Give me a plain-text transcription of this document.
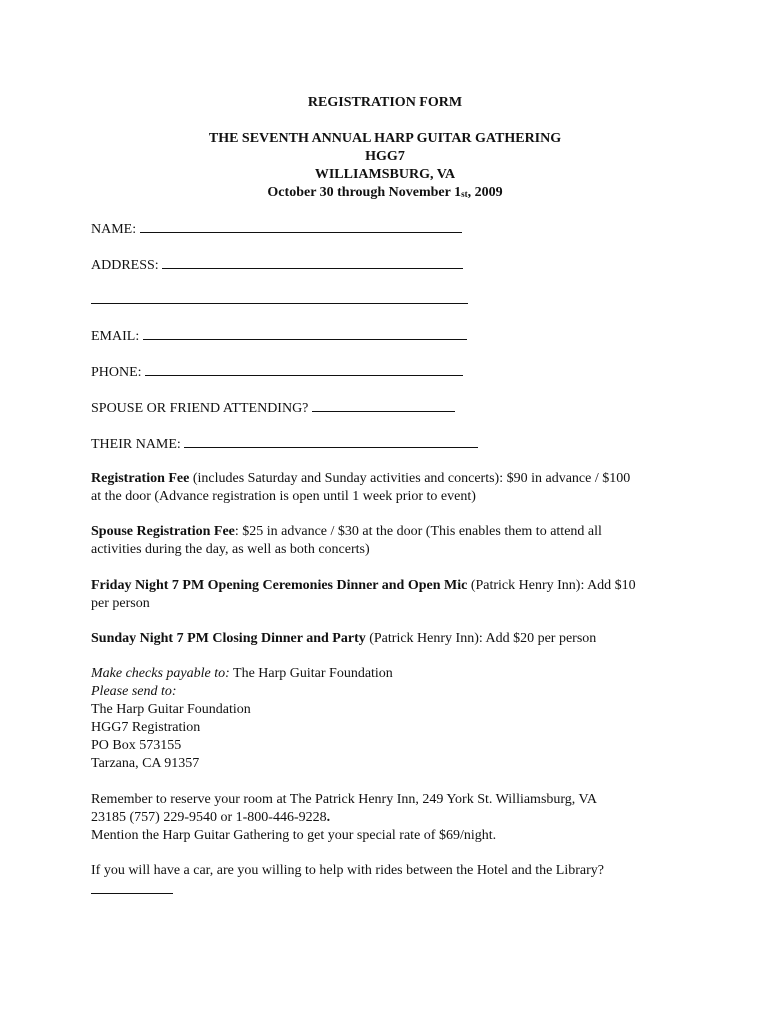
REGISTRATION FORM
THE SEVENTH ANNUAL HARP GUITAR GATHERING
HGG7
WILLIAMSBURG, VA
October 30 through November $1_{st}$, 2009
NAME:
ADDRESS:
EMAIL:
PHONE:
SPOUSE OR FRIEND ATTENDING?
THEIR NAME:
Registration Fee (includes Saturday and Sunday activities and concerts): $90 in advance / $100
at the door (Advance registration is open until 1 week prior to event)
Spouse Registration Fee: $25 in advance / $30 at the door (This enables them to attend all
activities during the day, as well as both concerts)
Friday Night 7 PM Opening Ceremonies Dinner and Open Mic (Patrick Henry Inn): Add $10
per person
Sunday Night 7 PM Closing Dinner and Party (Patrick Henry Inn): Add $20 per person
Make checks payable to: The Harp Guitar Foundation
Please send to:
The Harp Guitar Foundation
HGG7 Registration
PO Box 573155
Tarzana, CA 91357
Remember to reserve your room at The Patrick Henry Inn, 249 York St. Williamsburg, VA
23185 (757) 229-9540 or 1-800-446-9228.
Mention the Harp Guitar Gathering to get your special rate of $69/night.
If you will have a car, are you willing to help with rides between the Hotel and the Library?
